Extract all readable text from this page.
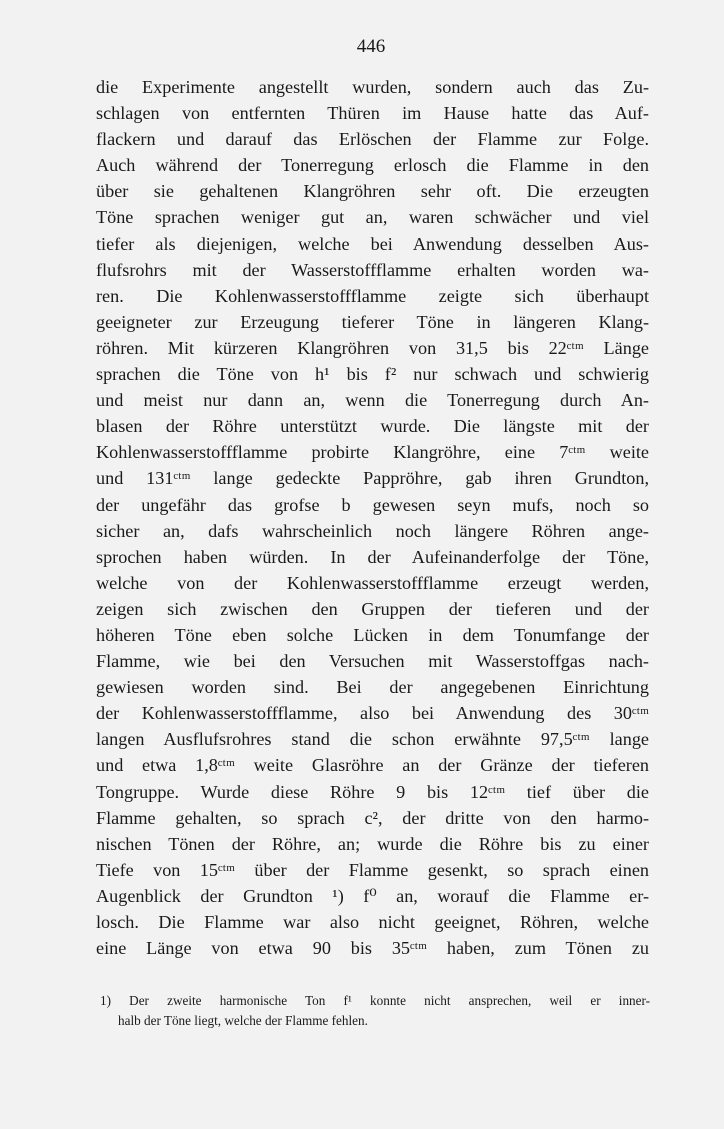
446
die Experimente angestellt wurden, sondern auch das Zu-
schlagen von entfernten Thüren im Hause hatte das Auf-
flackern und darauf das Erlöschen der Flamme zur Folge.
Auch während der Tonerregung erlosch die Flamme in den
über sie gehaltenen Klangröhren sehr oft. Die erzeugten
Töne sprachen weniger gut an, waren schwächer und viel
tiefer als diejenigen, welche bei Anwendung desselben Aus-
flufsrohrs mit der Wasserstoffflamme erhalten worden wa-
ren. Die Kohlenwasserstoffflamme zeigte sich überhaupt
geeigneter zur Erzeugung tieferer Töne in längeren Klang-
röhren. Mit kürzeren Klangröhren von 31,5 bis 22ᶜᵗᵐ Länge
sprachen die Töne von h¹ bis f² nur schwach und schwierig
und meist nur dann an, wenn die Tonerregung durch An-
blasen der Röhre unterstützt wurde. Die längste mit der
Kohlenwasserstoffflamme probirte Klangröhre, eine 7ᶜᵗᵐ weite
und 131ᶜᵗᵐ lange gedeckte Papprӧhre, gab ihren Grundton,
der ungefähr das grofse b gewesen seyn mufs, noch so
sicher an, dafs wahrscheinlich noch längere Röhren ange-
sprochen haben würden. In der Aufeinanderfolge der Töne,
welche von der Kohlenwasserstoffflamme erzeugt werden,
zeigen sich zwischen den Gruppen der tieferen und der
höheren Töne eben solche Lücken in dem Tonumfange der
Flamme, wie bei den Versuchen mit Wasserstoffgas nach-
gewiesen worden sind. Bei der angegebenen Einrichtung
der Kohlenwasserstoffflamme, also bei Anwendung des 30ᶜᵗᵐ
langen Ausflufsrohres stand die schon erwähnte 97,5ᶜᵗᵐ lange
und etwa 1,8ᶜᵗᵐ weite Glasröhre an der Gränze der tieferen
Tongruppe. Wurde diese Röhre 9 bis 12ᶜᵗᵐ tief über die
Flamme gehalten, so sprach c², der dritte von den harmo-
nischen Tönen der Röhre, an; wurde die Röhre bis zu einer
Tiefe von 15ᶜᵗᵐ über der Flamme gesenkt, so sprach einen
Augenblick der Grundton ¹) f⁰ an, worauf die Flamme er-
losch. Die Flamme war also nicht geeignet, Röhren, welche
eine Länge von etwa 90 bis 35ᶜᵗᵐ haben, zum Tönen zu
1) Der zweite harmonische Ton f¹ konnte nicht ansprechen, weil er inner-
halb der Töne liegt, welche der Flamme fehlen.
